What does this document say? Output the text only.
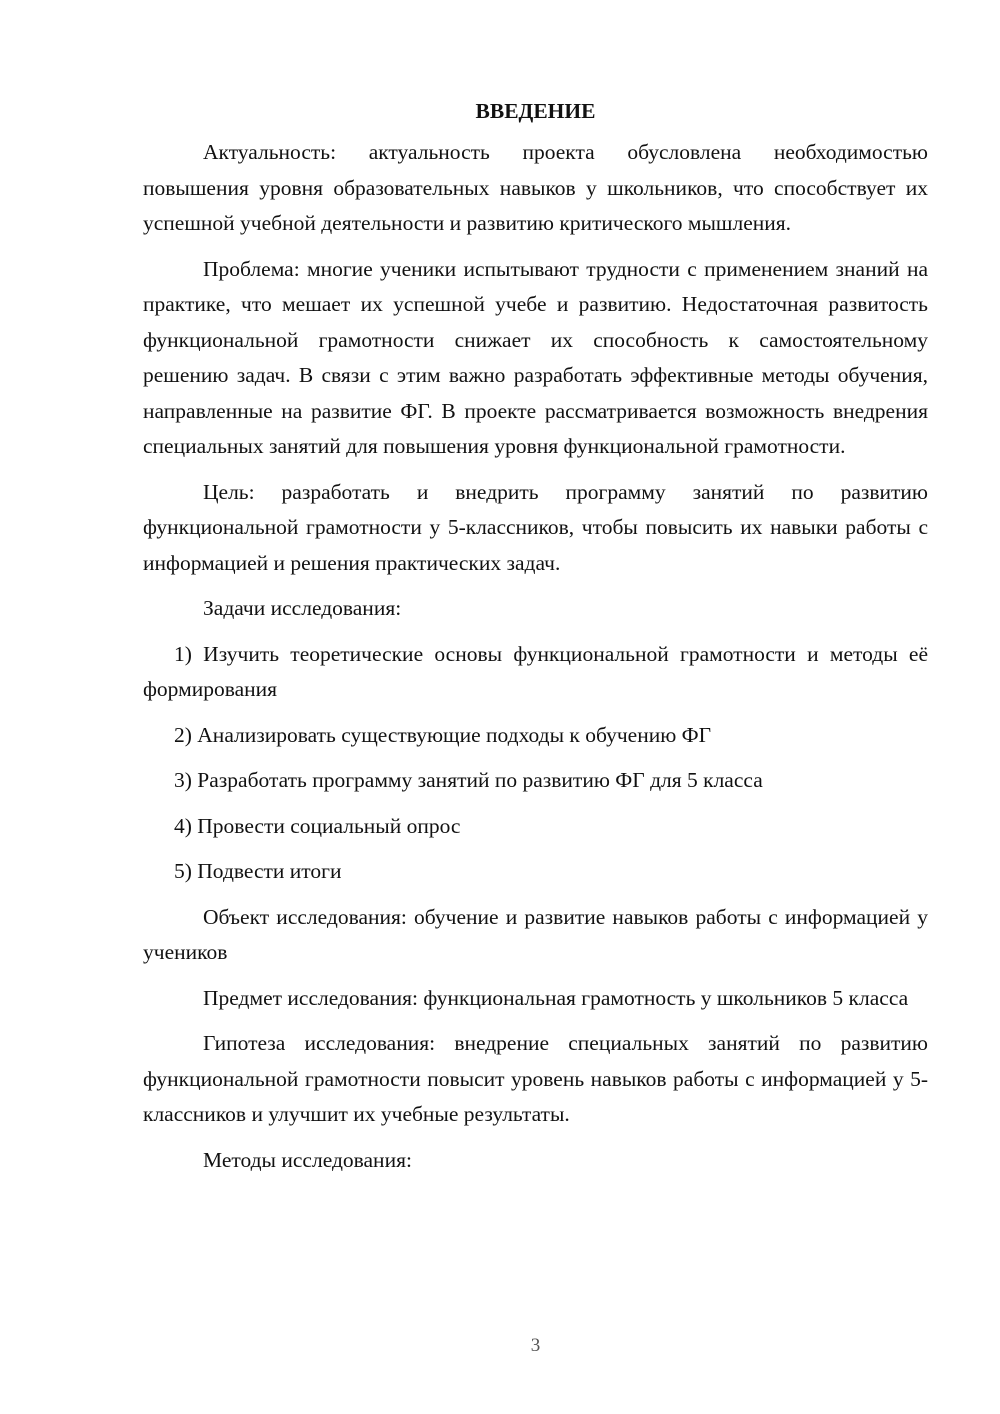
ВВЕДЕНИЕ

Актуальность: актуальность проекта обусловлена необходимостью повышения уровня образовательных навыков у школьников, что способствует их успешной учебной деятельности и развитию критического мышления.

Проблема: многие ученики испытывают трудности с применением знаний на практике, что мешает их успешной учебе и развитию. Недостаточная развитость функциональной грамотности снижает их способность к самостоятельному решению задач. В связи с этим важно разработать эффективные методы обучения, направленные на развитие ФГ. В проекте рассматривается возможность внедрения специальных занятий для повышения уровня функциональной грамотности.

Цель: разработать и внедрить программу занятий по развитию функциональной грамотности у 5-классников, чтобы повысить их навыки работы с информацией и решения практических задач.

Задачи исследования:

1) Изучить теоретические основы функциональной грамотности и методы её формирования

2) Анализировать существующие подходы к обучению ФГ

3) Разработать программу занятий по развитию ФГ для 5 класса

4) Провести социальный опрос

5) Подвести итоги

Объект исследования: обучение и развитие навыков работы с информацией у учеников

Предмет исследования: функциональная грамотность у школьников 5 класса

Гипотеза исследования: внедрение специальных занятий по развитию функциональной грамотности повысит уровень навыков работы с информацией у 5-классников и улучшит их учебные результаты.

Методы исследования:

3
